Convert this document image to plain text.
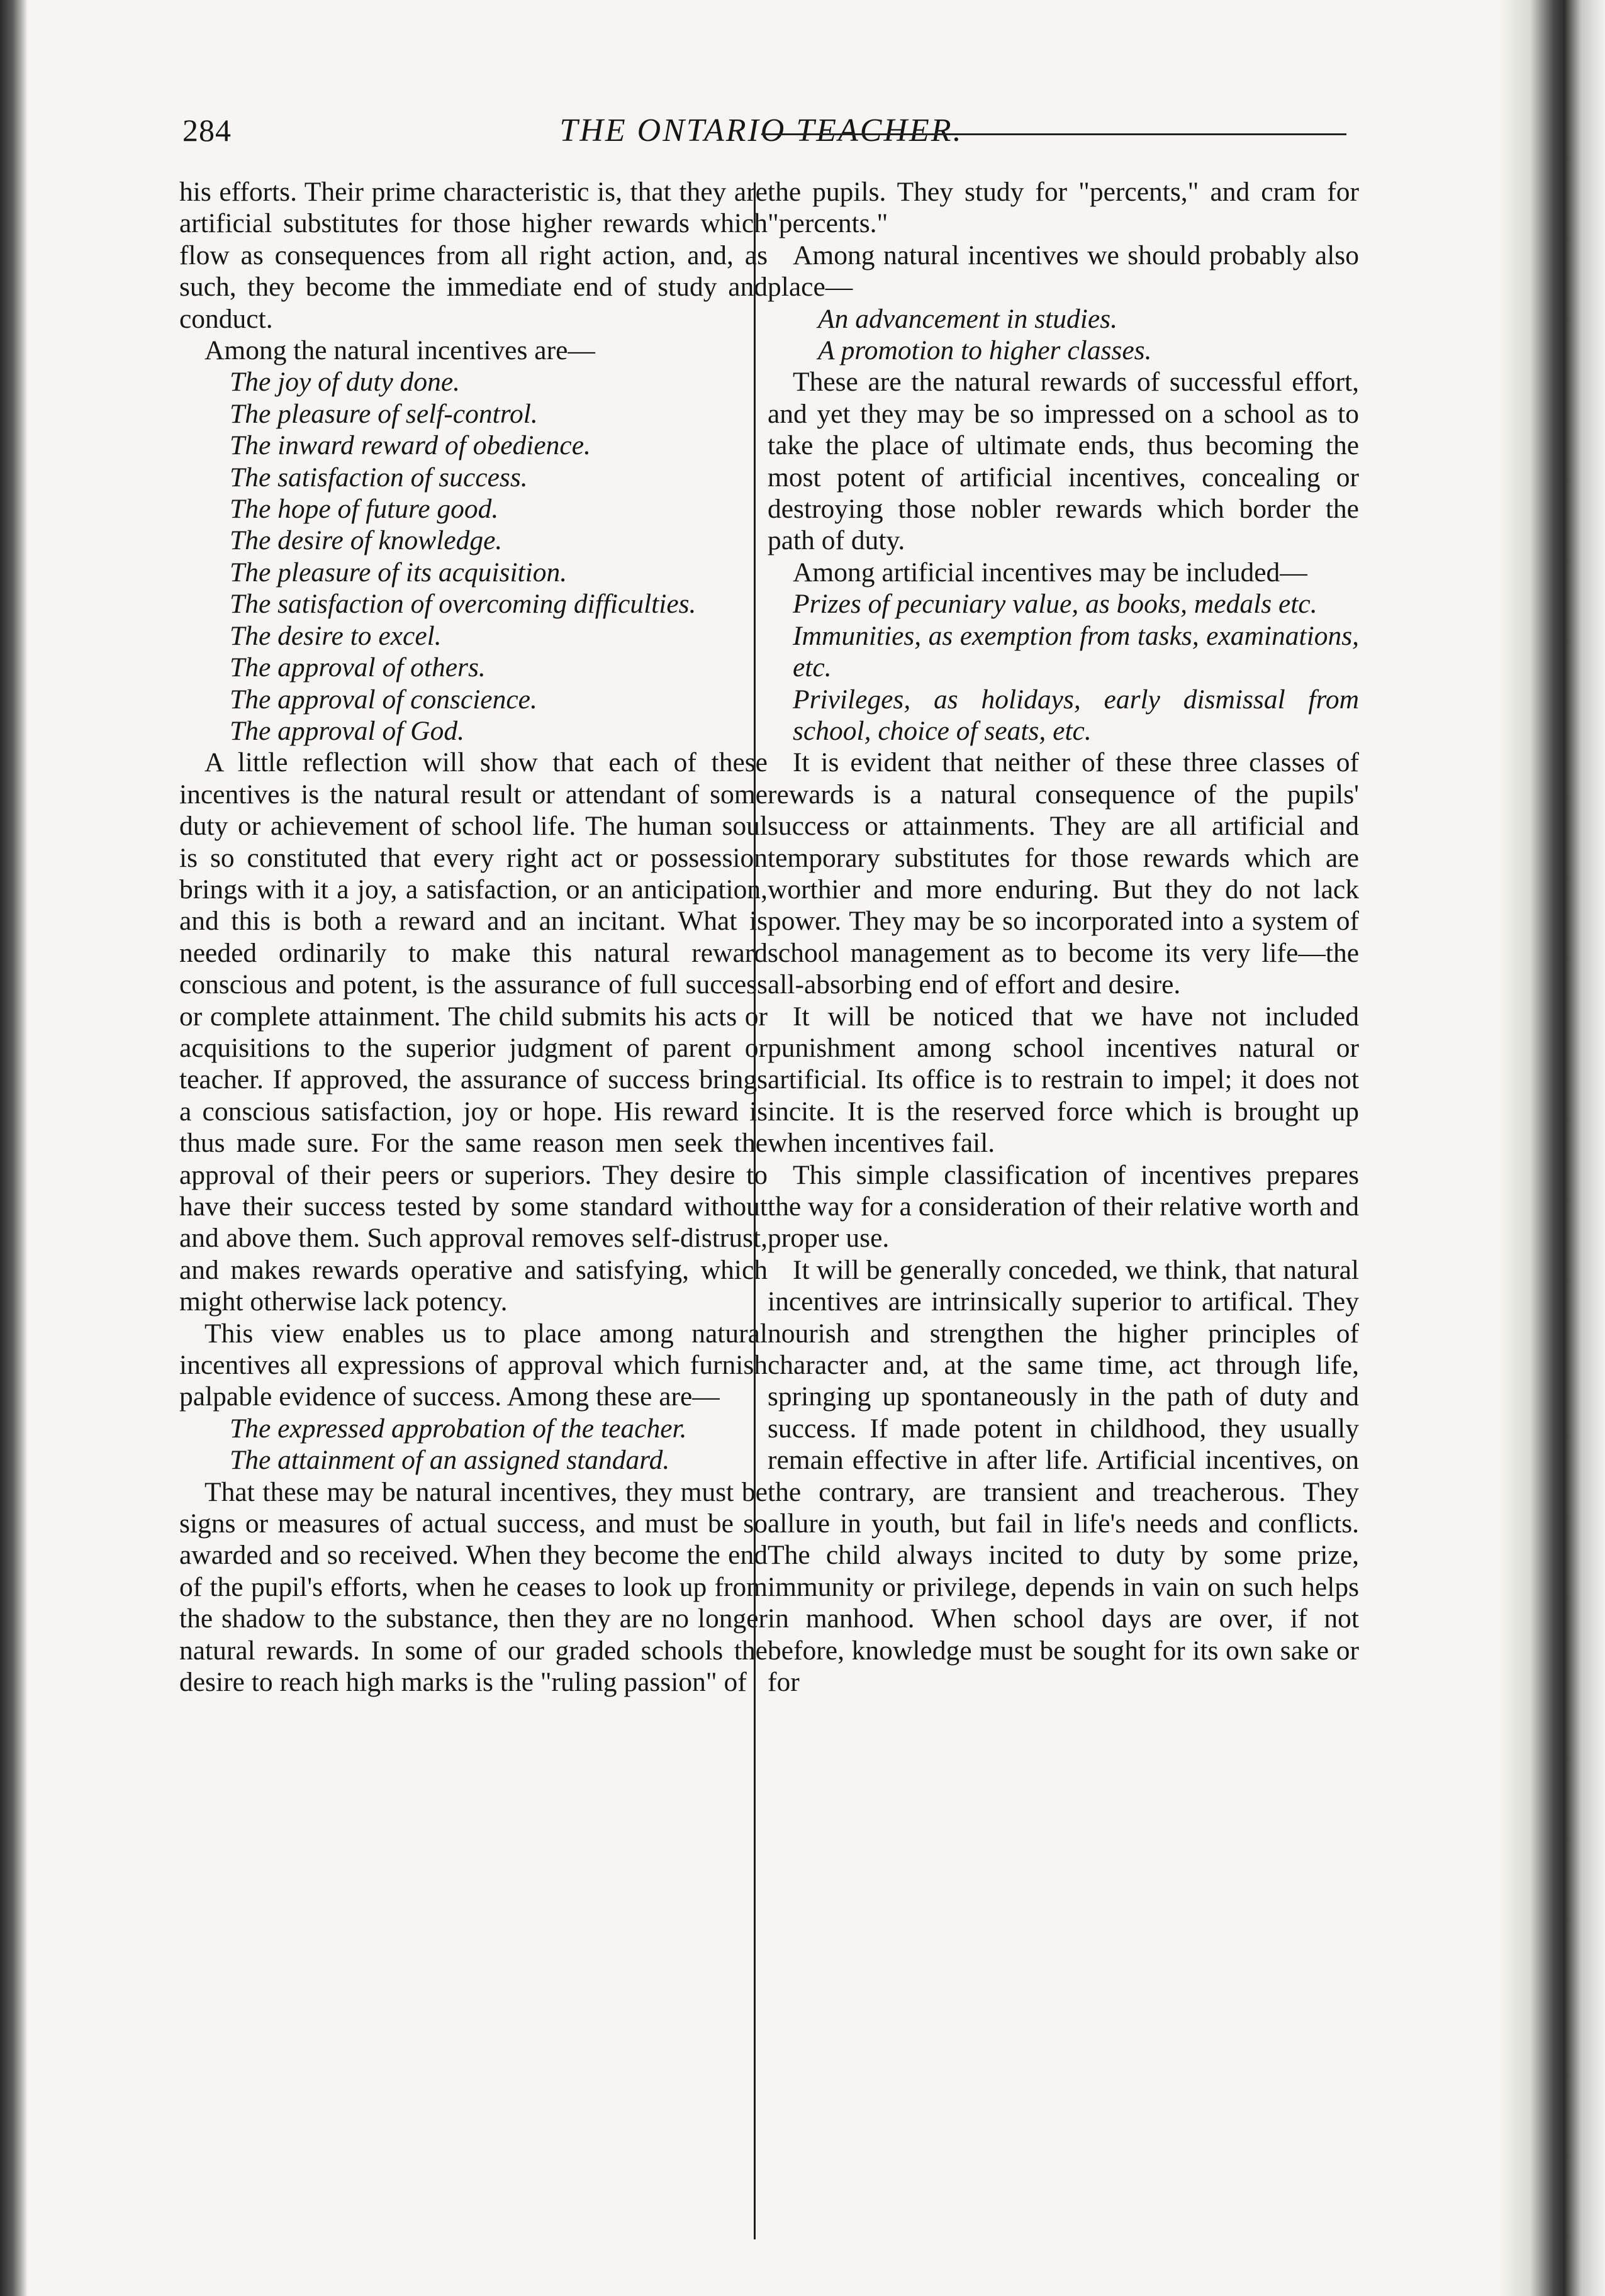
284	THE ONTARIO TEACHER.

his efforts. Their prime characteristic is, that they are artificial substitutes for those higher rewards which flow as consequences from all right action, and, as such, they become the immediate end of study and conduct.

Among the natural incentives are—

The joy of duty done.
The pleasure of self-control.
The inward reward of obedience.
The satisfaction of success.
The hope of future good.
The desire of knowledge.
The pleasure of its acquisition.
The satisfaction of overcoming difficulties.
The desire to excel.
The approval of others.
The approval of conscience.
The approval of God.

A little reflection will show that each of these incentives is the natural result or attendant of some duty or achievement of school life. The human soul is so constituted that every right act or possession brings with it a joy, a satisfaction, or an anticipation, and this is both a reward and an incitant. What is needed ordinarily to make this natural reward conscious and potent, is the assurance of full success or complete attainment. The child submits his acts or acquisitions to the superior judgment of parent or teacher. If approved, the assurance of success brings a conscious satisfaction, joy or hope. His reward is thus made sure. For the same reason men seek the approval of their peers or superiors. They desire to have their success tested by some standard without and above them. Such approval removes self-distrust, and makes rewards operative and satisfying, which might otherwise lack potency.

This view enables us to place among natural incentives all expressions of approval which furnish palpable evidence of success. Among these are—

The expressed approbation of the teacher.
The attainment of an assigned standard.

That these may be natural incentives, they must be signs or measures of actual success, and must be so awarded and so received. When they become the end of the pupil's efforts, when he ceases to look up from the shadow to the substance, then they are no longer natural rewards. In some of our graded schools the desire to reach high marks is the "ruling passion" of

the pupils. They study for "percents," and cram for "percents."

Among natural incentives we should probably also place—

An advancement in studies.
A promotion to higher classes.

These are the natural rewards of successful effort, and yet they may be so impressed on a school as to take the place of ultimate ends, thus becoming the most potent of artificial incentives, concealing or destroying those nobler rewards which border the path of duty.

Among artificial incentives may be included—

Prizes of pecuniary value, as books, medals etc.
Immunities, as exemption from tasks, examinations, etc.
Privileges, as holidays, early dismissal from school, choice of seats, etc.

It is evident that neither of these three classes of rewards is a natural consequence of the pupils' success or attainments. They are all artificial and temporary substitutes for those rewards which are worthier and more enduring. But they do not lack power. They may be so incorporated into a system of school management as to become its very life—the all-absorbing end of effort and desire.

It will be noticed that we have not included punishment among school incentives natural or artificial. Its office is to restrain to impel; it does not incite. It is the reserved force which is brought up when incentives fail.

This simple classification of incentives prepares the way for a consideration of their relative worth and proper use.

It will be generally conceded, we think, that natural incentives are intrinsically superior to artifical. They nourish and strengthen the higher principles of character and, at the same time, act through life, springing up spontaneously in the path of duty and success. If made potent in childhood, they usually remain effective in after life. Artificial incentives, on the contrary, are transient and treacherous. They allure in youth, but fail in life's needs and conflicts. The child always incited to duty by some prize, immunity or privilege, depends in vain on such helps in manhood. When school days are over, if not before, knowledge must be sought for its own sake or for
